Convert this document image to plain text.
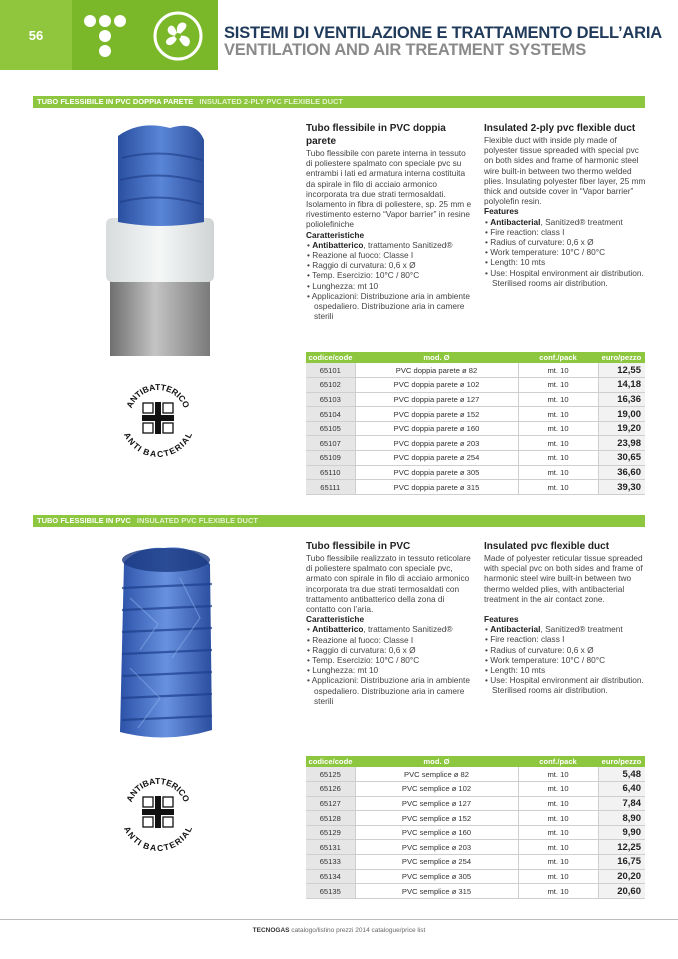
56	SISTEMI DI VENTILAZIONE E TRATTAMENTO DELL’ARIA
VENTILATION AND AIR TREATMENT SYSTEMS
TUBO FLESSIBILE IN PVC DOPPIA PARETE INSULATED 2-PLY PVC FLEXIBLE DUCT
Tubo flessibile in PVC doppia parete
Tubo flessibile con parete interna in tessuto di poliestere spalmato con speciale pvc su entrambi i lati ed armatura interna costituita da spirale in filo di acciaio armonico incorporata tra due strati termosaldati. Isolamento in fibra di poliestere, sp. 25 mm e rivestimento esterno “Vapor barrier” in resine poliolefiniche
Caratteristiche
• Antibatterico, trattamento Sanitized®
• Reazione al fuoco: Classe I
• Raggio di curvatura: 0,6 x Ø
• Temp. Esercizio: 10°C / 80°C
• Lunghezza: mt 10
• Applicazioni: Distribuzione aria in ambiente ospedaliero. Distribuzione aria in camere sterili
Insulated 2-ply pvc flexible duct
Flexible duct with inside ply made of polyester tissue spreaded with special pvc on both sides and frame of harmonic steel wire built-in between two thermo welded plies. Insulating polyester fiber layer, 25 mm thick and outside cover in “Vapor barrier” polyolefin resin.
Features
• Antibacterial, Sanitized® treatment
• Fire reaction: class I
• Radius of curvature: 0,6 x Ø
• Work temperature: 10°C / 80°C
• Length: 10 mts
• Use: Hospital environment air distribution. Sterilised rooms air distribution.
ANTIBATTERICO
ANTI BACTERIAL
codice/code	mod. Ø	conf./pack	euro/pezzo
65101	PVC doppia parete ø 82	mt. 10	12,55
65102	PVC doppia parete ø 102	mt. 10	14,18
65103	PVC doppia parete ø 127	mt. 10	16,36
65104	PVC doppia parete ø 152	mt. 10	19,00
65105	PVC doppia parete ø 160	mt. 10	19,20
65107	PVC doppia parete ø 203	mt. 10	23,98
65109	PVC doppia parete ø 254	mt. 10	30,65
65110	PVC doppia parete ø 305	mt. 10	36,60
65111	PVC doppia parete ø 315	mt. 10	39,30
TUBO FLESSIBILE IN PVC INSULATED PVC FLEXIBLE DUCT
Tubo flessibile in PVC
Tubo flessibile realizzato in tessuto reticolare di poliestere spalmato con speciale pvc, armato con spirale in filo di acciaio armonico incorporata tra due strati termosaldati con trattamento antibatterico della zona di contatto con l’aria.
Caratteristiche
• Antibatterico, trattamento Sanitized®
• Reazione al fuoco: Classe I
• Raggio di curvatura: 0,6 x Ø
• Temp. Esercizio: 10°C / 80°C
• Lunghezza: mt 10
• Applicazioni: Distribuzione aria in ambiente ospedaliero. Distribuzione aria in camere sterili
Insulated pvc flexible duct
Made of polyester reticular tissue spreaded with special pvc on both sides and frame of harmonic steel wire built-in between two thermo welded plies, with antibacterial treatment in the air contact zone.
Features
• Antibacterial, Sanitized® treatment
• Fire reaction: class I
• Radius of curvature: 0,6 x Ø
• Work temperature: 10°C / 80°C
• Length: 10 mts
• Use: Hospital environment air distribution. Sterilised rooms air distribution.
ANTIBATTERICO
ANTI BACTERIAL
codice/code	mod. Ø	conf./pack	euro/pezzo
65125	PVC semplice ø 82	mt. 10	5,48
65126	PVC semplice ø 102	mt. 10	6,40
65127	PVC semplice ø 127	mt. 10	7,84
65128	PVC semplice ø 152	mt. 10	8,90
65129	PVC semplice ø 160	mt. 10	9,90
65131	PVC semplice ø 203	mt. 10	12,25
65133	PVC semplice ø 254	mt. 10	16,75
65134	PVC semplice ø 305	mt. 10	20,20
65135	PVC semplice ø 315	mt. 10	20,60
TECNOGAS catalogo/listino prezzi 2014 catalogue/price list
